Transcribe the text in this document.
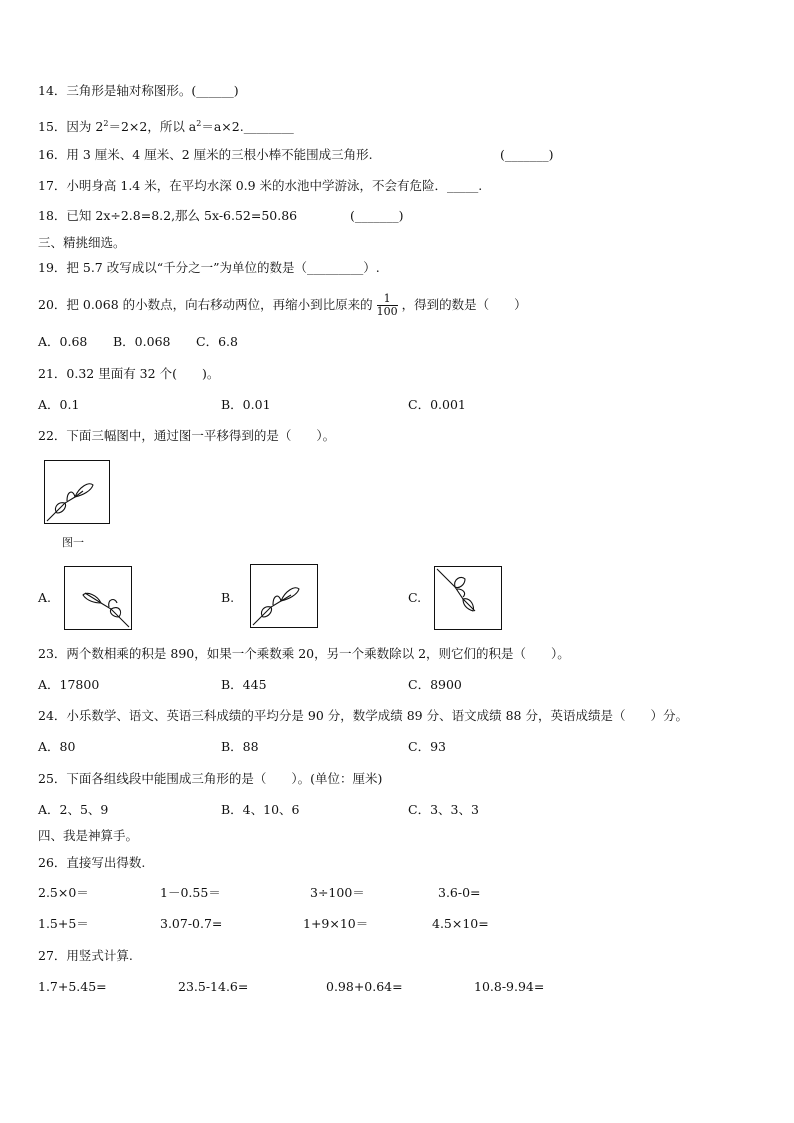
14．三角形是轴对称图形。(______)
15．因为 $2^2=2\times 2$，所以 $a^2=a\times 2.\_\_\_\_\_\_\_\_$
16．用 3 厘米、4 厘米、2 厘米的三根小棒不能围成三角形.	(_______)
17．小明身高 1.4 米，在平均水深 0.9 米的水池中学游泳，不会有危险．_____.
18．已知 2x÷2.8=8.2,那么 5x-6.52=50.86	(_______)
三、精挑细选。
19．把 5.7 改写成以“千分之一”为单位的数是（_________）.
20．把 0.068 的小数点，向右移动两位，再缩小到比原来的 $\frac{1}{100}$ ，得到的数是（　　）
A．0.68 B．0.068 C．6.8
21．0.32 里面有 32 个(　　)。
A．0.1	B．0.01	C．0.001
22．下面三幅图中，通过图一平移得到的是（　　）。
图一
A.	B.	C.
23．两个数相乘的积是 890，如果一个乘数乘 20，另一个乘数除以 2，则它们的积是（　　）。
A．17800	B．445	C．8900
24．小乐数学、语文、英语三科成绩的平均分是 90 分，数学成绩 89 分、语文成绩 88 分，英语成绩是（　　）分。
A．80	B．88	C．93
25．下面各组线段中能围成三角形的是（　　）。(单位：厘米)
A．2、5、9	B．4、10、6	C．3、3、3
四、我是神算手。
26．直接写出得数.
2.5×0＝	1－0.55＝	3÷100＝	3.6-0=
1.5+5＝	3.07-0.7=	1+9×10＝	4.5×10=
27．用竖式计算.
1.7+5.45=	23.5-14.6=	0.98+0.64=	10.8-9.94=
